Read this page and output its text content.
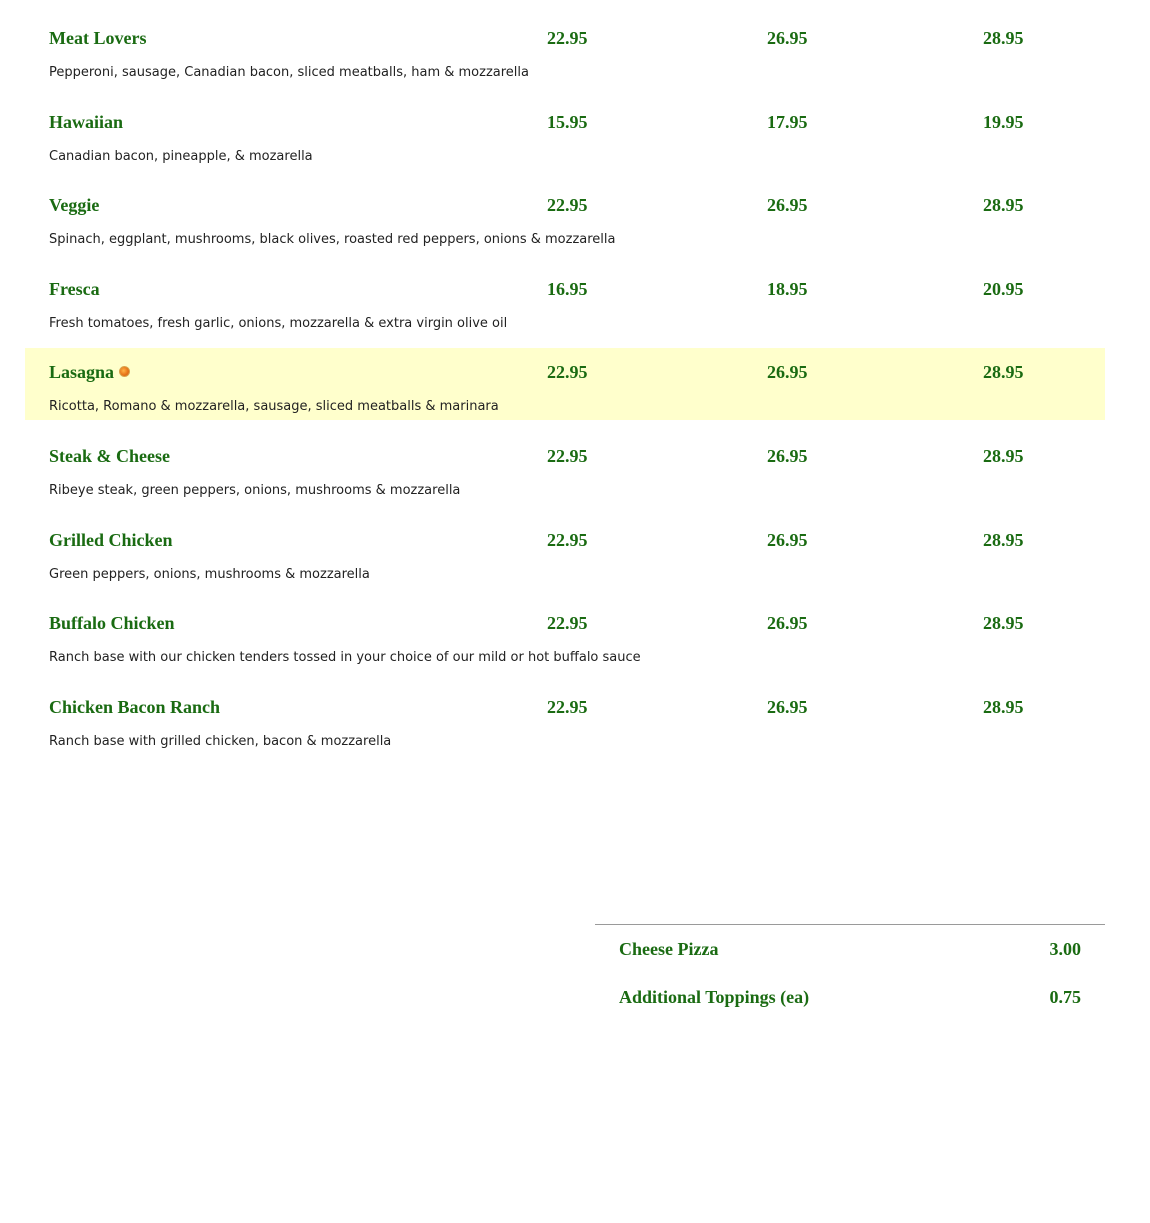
Meat Lovers	22.95	26.95	28.95
Pepperoni, sausage, Canadian bacon, sliced meatballs, ham & mozzarella
Hawaiian	15.95	17.95	19.95
Canadian bacon, pineapple, & mozarella
Veggie	22.95	26.95	28.95
Spinach, eggplant, mushrooms, black olives, roasted red peppers, onions & mozzarella
Fresca	16.95	18.95	20.95
Fresh tomatoes, fresh garlic, onions, mozzarella & extra virgin olive oil
Lasagna	22.95	26.95	28.95
Ricotta, Romano & mozzarella, sausage, sliced meatballs & marinara
Steak & Cheese	22.95	26.95	28.95
Ribeye steak, green peppers, onions, mushrooms & mozzarella
Grilled Chicken	22.95	26.95	28.95
Green peppers, onions, mushrooms & mozzarella
Buffalo Chicken	22.95	26.95	28.95
Ranch base with our chicken tenders tossed in your choice of our mild or hot buffalo sauce
Chicken Bacon Ranch	22.95	26.95	28.95
Ranch base with grilled chicken, bacon & mozzarella
Cheese Pizza	3.00
Additional Toppings (ea)	0.75
